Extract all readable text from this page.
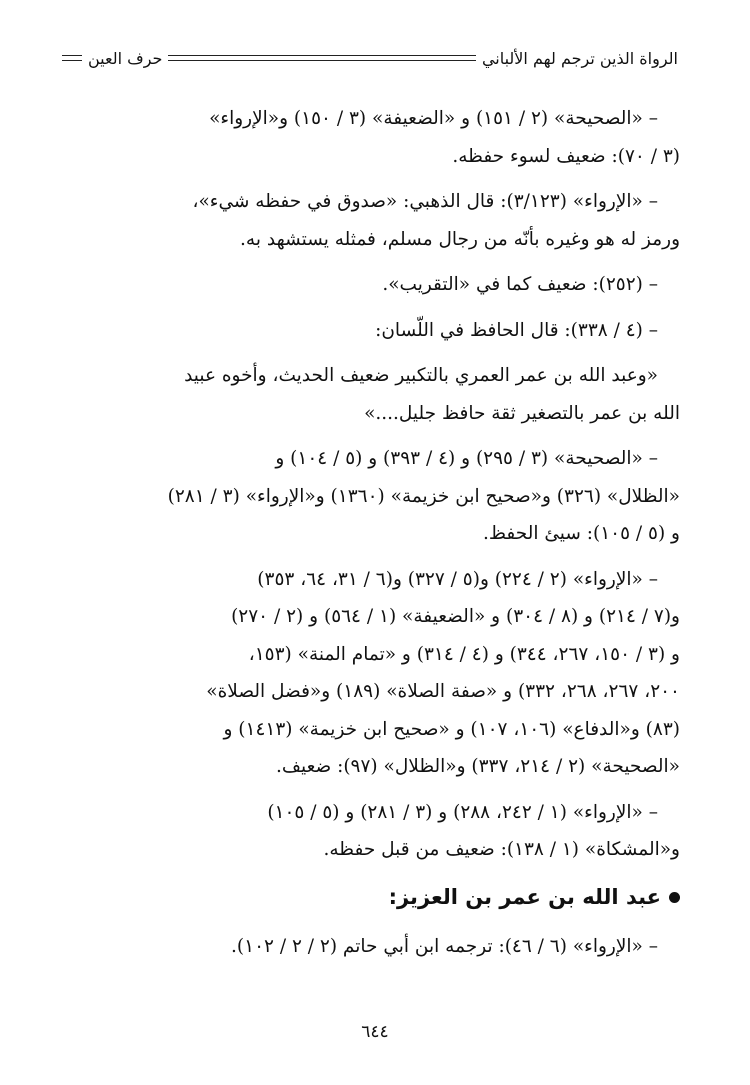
الرواة الذين ترجم لهم الألباني
حرف العين
– «الصحيحة» (٢ / ١٥١) و «الضعيفة» (٣ / ١٥٠) و«الإرواء»
(٣ / ٧٠): ضعيف لسوء حفظه.
– «الإرواء» (٣/١٢٣): قال الذهبي: «صدوق في حفظه شيء»،
ورمز له هو وغيره بأنّه من رجال مسلم، فمثله يستشهد به.
– (٢٥٢): ضعيف كما في «التقريب».
– (٤ / ٣٣٨): قال الحافظ في اللّسان:
«وعبد الله بن عمر العمري بالتكبير ضعيف الحديث، وأخوه عبيد
الله بن عمر بالتصغير ثقة حافظ جليل....»
– «الصحيحة» (٣ / ٢٩٥) و (٤ / ٣٩٣) و (٥ / ١٠٤) و
«الظلال» (٣٢٦) و«صحيح ابن خزيمة» (١٣٦٠) و«الإرواء» (٣ / ٢٨١)
و (٥ / ١٠٥): سيئ الحفظ.
– «الإرواء» (٢ / ٢٢٤) و(٥ / ٣٢٧) و(٦ / ٣١، ٦٤، ٣٥٣)
و(٧ / ٢١٤) و (٨ / ٣٠٤) و «الضعيفة» (١ / ٥٦٤) و (٢ / ٢٧٠)
و (٣ / ١٥٠، ٢٦٧، ٣٤٤) و (٤ / ٣١٤) و «تمام المنة» (١٥٣،
٢٠٠، ٢٦٧، ٢٦٨، ٣٣٢) و «صفة الصلاة» (١٨٩) و«فضل الصلاة»
(٨٣) و«الدفاع» (١٠٦، ١٠٧) و «صحيح ابن خزيمة» (١٤١٣) و
«الصحيحة» (٢ / ٢١٤، ٣٣٧) و«الظلال» (٩٧): ضعيف.
– «الإرواء» (١ / ٢٤٢، ٢٨٨) و (٣ / ٢٨١) و (٥ / ١٠٥)
و«المشكاة» (١ / ١٣٨): ضعيف من قبل حفظه.
عبد الله بن عمر بن العزيز:
– «الإرواء» (٦ / ٤٦): ترجمه ابن أبي حاتم (٢ / ٢ / ١٠٢).
٦٤٤
